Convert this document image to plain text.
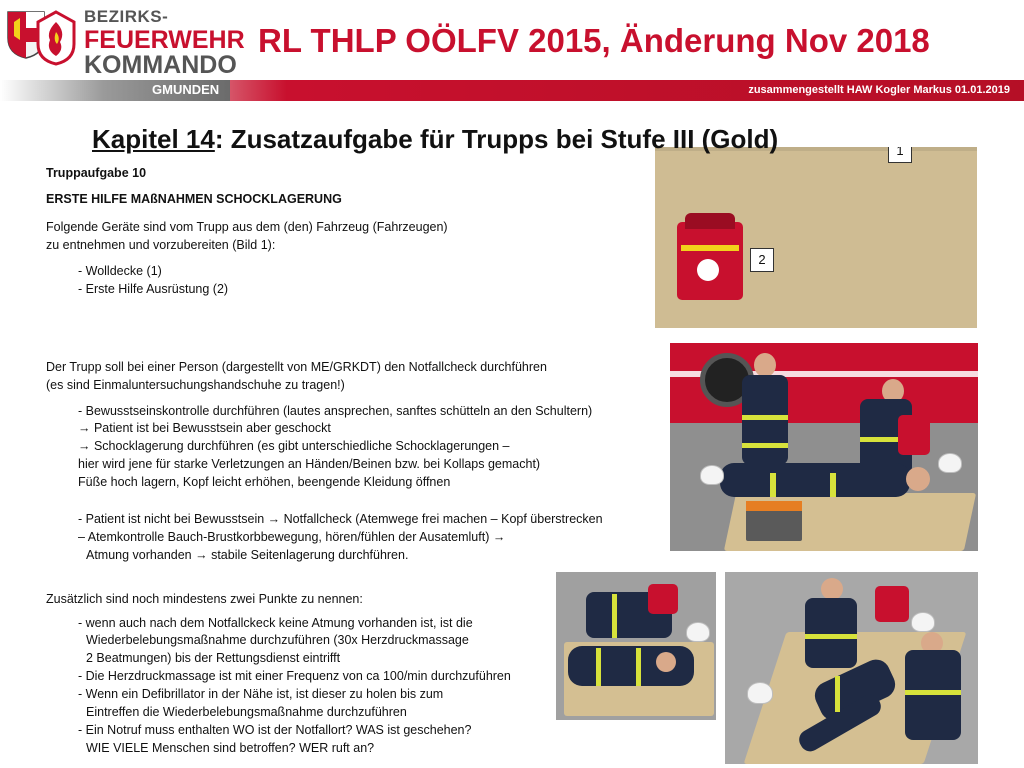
BEZIRKS-
FEUERWEHR
KOMMANDO
RL THLP OÖLFV 2015, Änderung Nov 2018
GMUNDEN	zusammengestellt HAW Kogler Markus 01.01.2019
Kapitel 14: Zusatzaufgabe für Trupps bei Stufe III (Gold)
Truppaufgabe 10
ERSTE HILFE MAßNAHMEN SCHOCKLAGERUNG
Folgende Geräte sind vom Trupp aus dem (den) Fahrzeug (Fahrzeugen)
zu entnehmen und vorzubereiten (Bild 1):
- Wolldecke (1)
- Erste Hilfe Ausrüstung (2)
Der Trupp soll bei einer Person (dargestellt von ME/GRKDT) den Notfallcheck durchführen
(es sind Einmaluntersuchungshandschuhe zu tragen!)
- Bewusstseinskontrolle durchführen (lautes ansprechen, sanftes schütteln an den Schultern)
→ Patient ist bei Bewusstsein aber geschockt
→ Schocklagerung durchführen (es gibt unterschiedliche Schocklagerungen –
hier wird jene für starke Verletzungen an Händen/Beinen bzw. bei Kollaps gemacht)
Füße hoch lagern, Kopf leicht erhöhen, beengende Kleidung öffnen
- Patient ist nicht bei Bewusstsein → Notfallcheck (Atemwege frei machen – Kopf überstrecken
– Atemkontrolle Bauch-Brustkorbbewegung, hören/fühlen der Ausatemluft) →
Atmung vorhanden → stabile Seitenlagerung durchführen.
Zusätzlich sind noch mindestens zwei Punkte zu nennen:
- wenn auch nach dem Notfallckeck keine Atmung vorhanden ist, ist die
Wiederbelebungsmaßnahme durchzuführen (30x Herzdruckmassage
2 Beatmungen) bis der Rettungsdienst eintrifft
- Die Herzdruckmassage ist mit einer Frequenz von ca 100/min durchzuführen
- Wenn ein Defibrillator in der Nähe ist, ist dieser zu holen bis zum
Eintreffen die Wiederbelebungsmaßnahme durchzuführen
- Ein Notruf muss enthalten WO ist der Notfallort? WAS ist geschehen?
WIE VIELE Menschen sind betroffen? WER ruft an?
1
2
